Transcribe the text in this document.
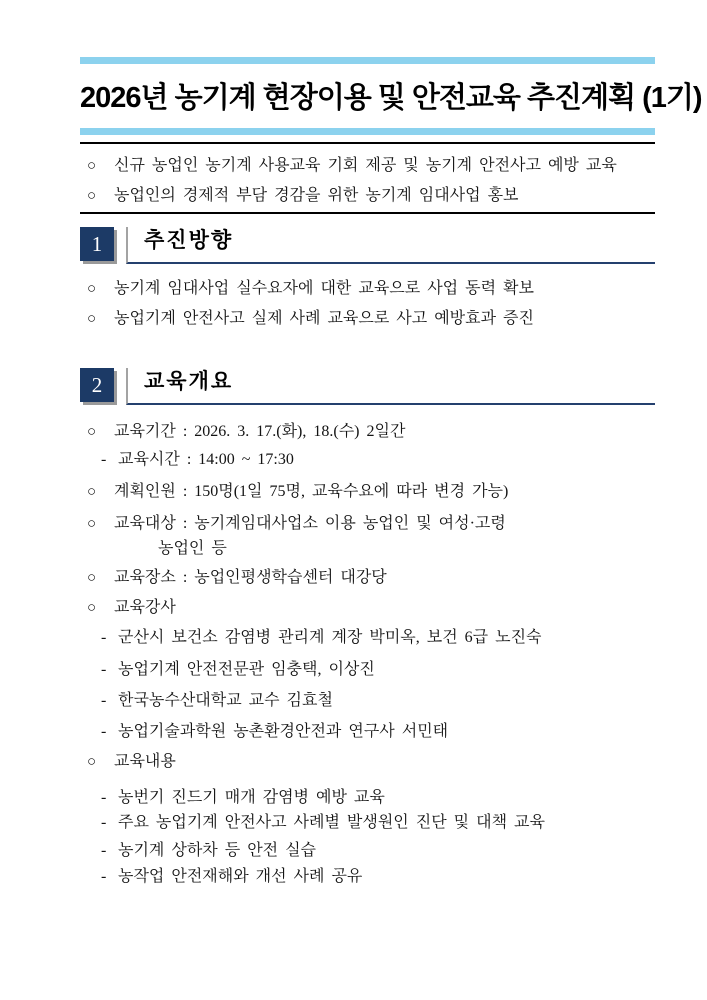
2026년 농기계 현장이용 및 안전교육 추진계획 (1기)
○	신규 농업인 농기계 사용교육 기회 제공 및 농기계 안전사고 예방 교육
○	농업인의 경제적 부담 경감을 위한 농기계 임대사업 홍보
1	추진방향
○	농기계 임대사업 실수요자에 대한 교육으로 사업 동력 확보
○	농업기계 안전사고 실제 사례 교육으로 사고 예방효과 증진
2	교육개요
○	교육기간 : 2026. 3. 17.(화), 18.(수) 2일간
- 교육시간 : 14:00 ~ 17:30
○	계획인원 : 150명(1일 75명, 교육수요에 따라 변경 가능)
○	교육대상 : 농기계임대사업소 이용 농업인 및 여성·고령
농업인 등
○	교육장소 : 농업인평생학습센터 대강당
○	교육강사
- 군산시 보건소 감염병 관리계 계장 박미옥, 보건 6급 노진숙
- 농업기계 안전전문관 임충택, 이상진
- 한국농수산대학교 교수 김효철
- 농업기술과학원 농촌환경안전과 연구사 서민태
○	교육내용
- 농번기 진드기 매개 감염병 예방 교육
- 주요 농업기계 안전사고 사례별 발생원인 진단 및 대책 교육
- 농기계 상하차 등 안전 실습
- 농작업 안전재해와 개선 사례 공유
